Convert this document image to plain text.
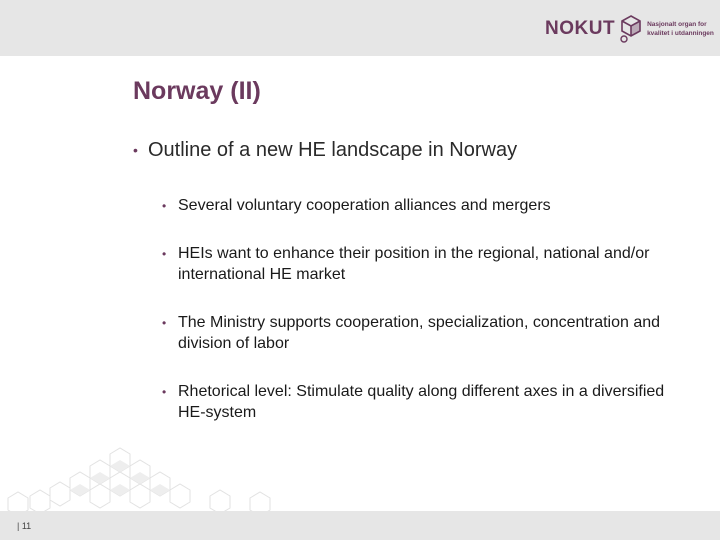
NOKUT	Nasjonalt organ for
kvalitet i utdanningen
Norway (II)
• Outline of a new HE landscape in Norway
• Several voluntary cooperation alliances and mergers
• HEIs want to enhance their position in the regional, national and/or international HE market
• The Ministry supports cooperation, specialization, concentration and division of labor
• Rhetorical level: Stimulate quality along different axes in a diversified HE-system
| 11
